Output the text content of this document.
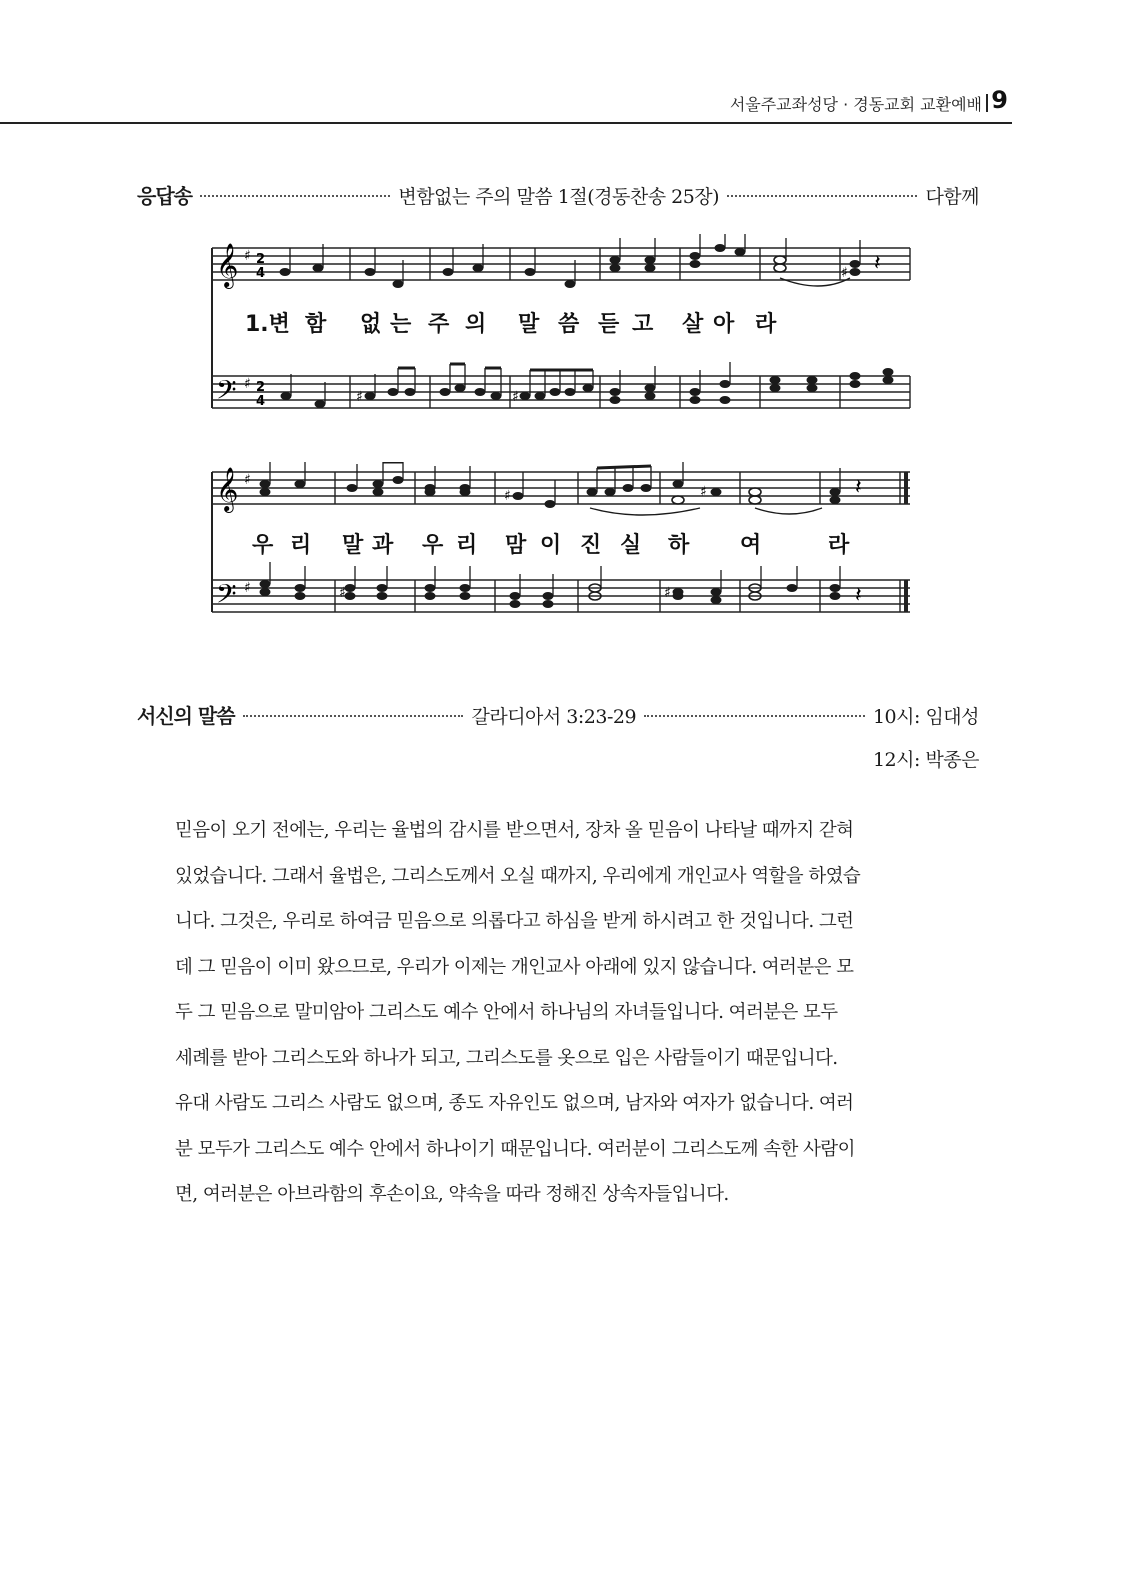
서울주교좌성당 · 경동교회 교환예배 9
응답송	변함없는 주의 말씀 1절(경동찬송 25장)	다함께
𝄞
𝄢
♯
♯
2
4
2
4
♯ 𝄽
1.변 함 없 는 주 의 말 씀 듣 고 살 아 라
♯	♯
𝄞
𝄢
♯
♯
♯	♯	𝄽
우 리 말 과 우 리 맘 이 진 실 하 여	라
♯	♯	𝄽
서신의 말씀	갈라디아서 3:23-29	10시: 임대성
12시: 박종은
믿음이 오기 전에는, 우리는 율법의 감시를 받으면서, 장차 올 믿음이 나타날 때까지 갇혀
있었습니다. 그래서 율법은, 그리스도께서 오실 때까지, 우리에게 개인교사 역할을 하였습
니다. 그것은, 우리로 하여금 믿음으로 의롭다고 하심을 받게 하시려고 한 것입니다. 그런
데 그 믿음이 이미 왔으므로, 우리가 이제는 개인교사 아래에 있지 않습니다. 여러분은 모
두 그 믿음으로 말미암아 그리스도 예수 안에서 하나님의 자녀들입니다. 여러분은 모두
세례를 받아 그리스도와 하나가 되고, 그리스도를 옷으로 입은 사람들이기 때문입니다.
유대 사람도 그리스 사람도 없으며, 종도 자유인도 없으며, 남자와 여자가 없습니다. 여러
분 모두가 그리스도 예수 안에서 하나이기 때문입니다. 여러분이 그리스도께 속한 사람이
면, 여러분은 아브라함의 후손이요, 약속을 따라 정해진 상속자들입니다.
